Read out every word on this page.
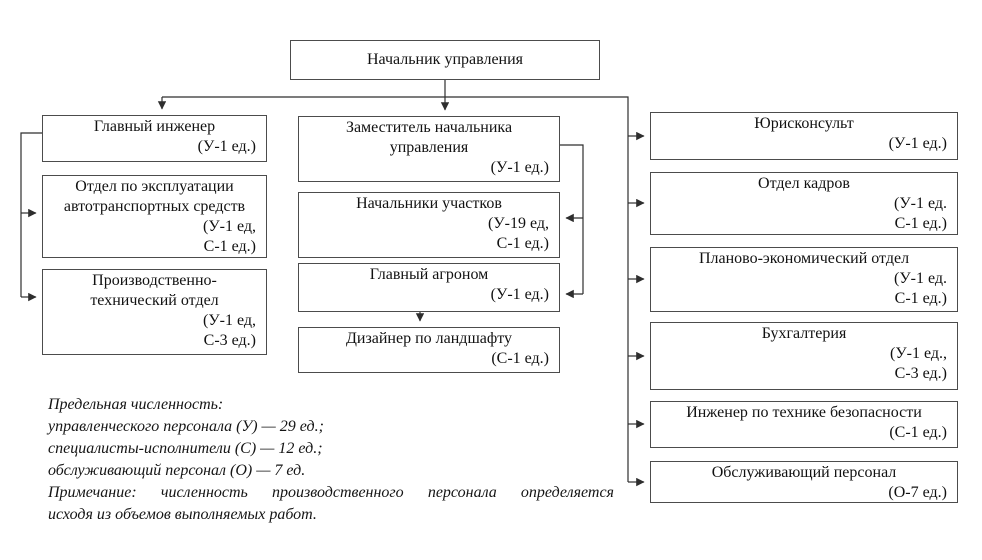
Начальник управления
Главный инженер
(У-1 ед.)
Отдел по эксплуатации
автотранспортных средств
(У-1 ед,
С-1 ед.)
Производственно-
технический отдел
(У-1 ед,
С-3 ед.)
Заместитель начальника
управления
(У-1 ед.)
Начальники участков
(У-19 ед,
С-1 ед.)
Главный агроном
(У-1 ед.)
Дизайнер по ландшафту
(С-1 ед.)
Юрисконсульт
(У-1 ед.)
Отдел кадров
(У-1 ед.
С-1 ед.)
Планово-экономический отдел
(У-1 ед.
С-1 ед.)
Бухгалтерия
(У-1 ед.,
С-3 ед.)
Инженер по технике безопасности
(С-1 ед.)
Обслуживающий персонал
(О-7 ед.)
Предельная численность:
управленческого персонала (У) — 29 ед.;
специалисты-исполнители (С) — 12 ед.;
обслуживающий персонал (О) — 7 ед.
Примечание: численность производственного персонала определяется
исходя из объемов выполняемых работ.
